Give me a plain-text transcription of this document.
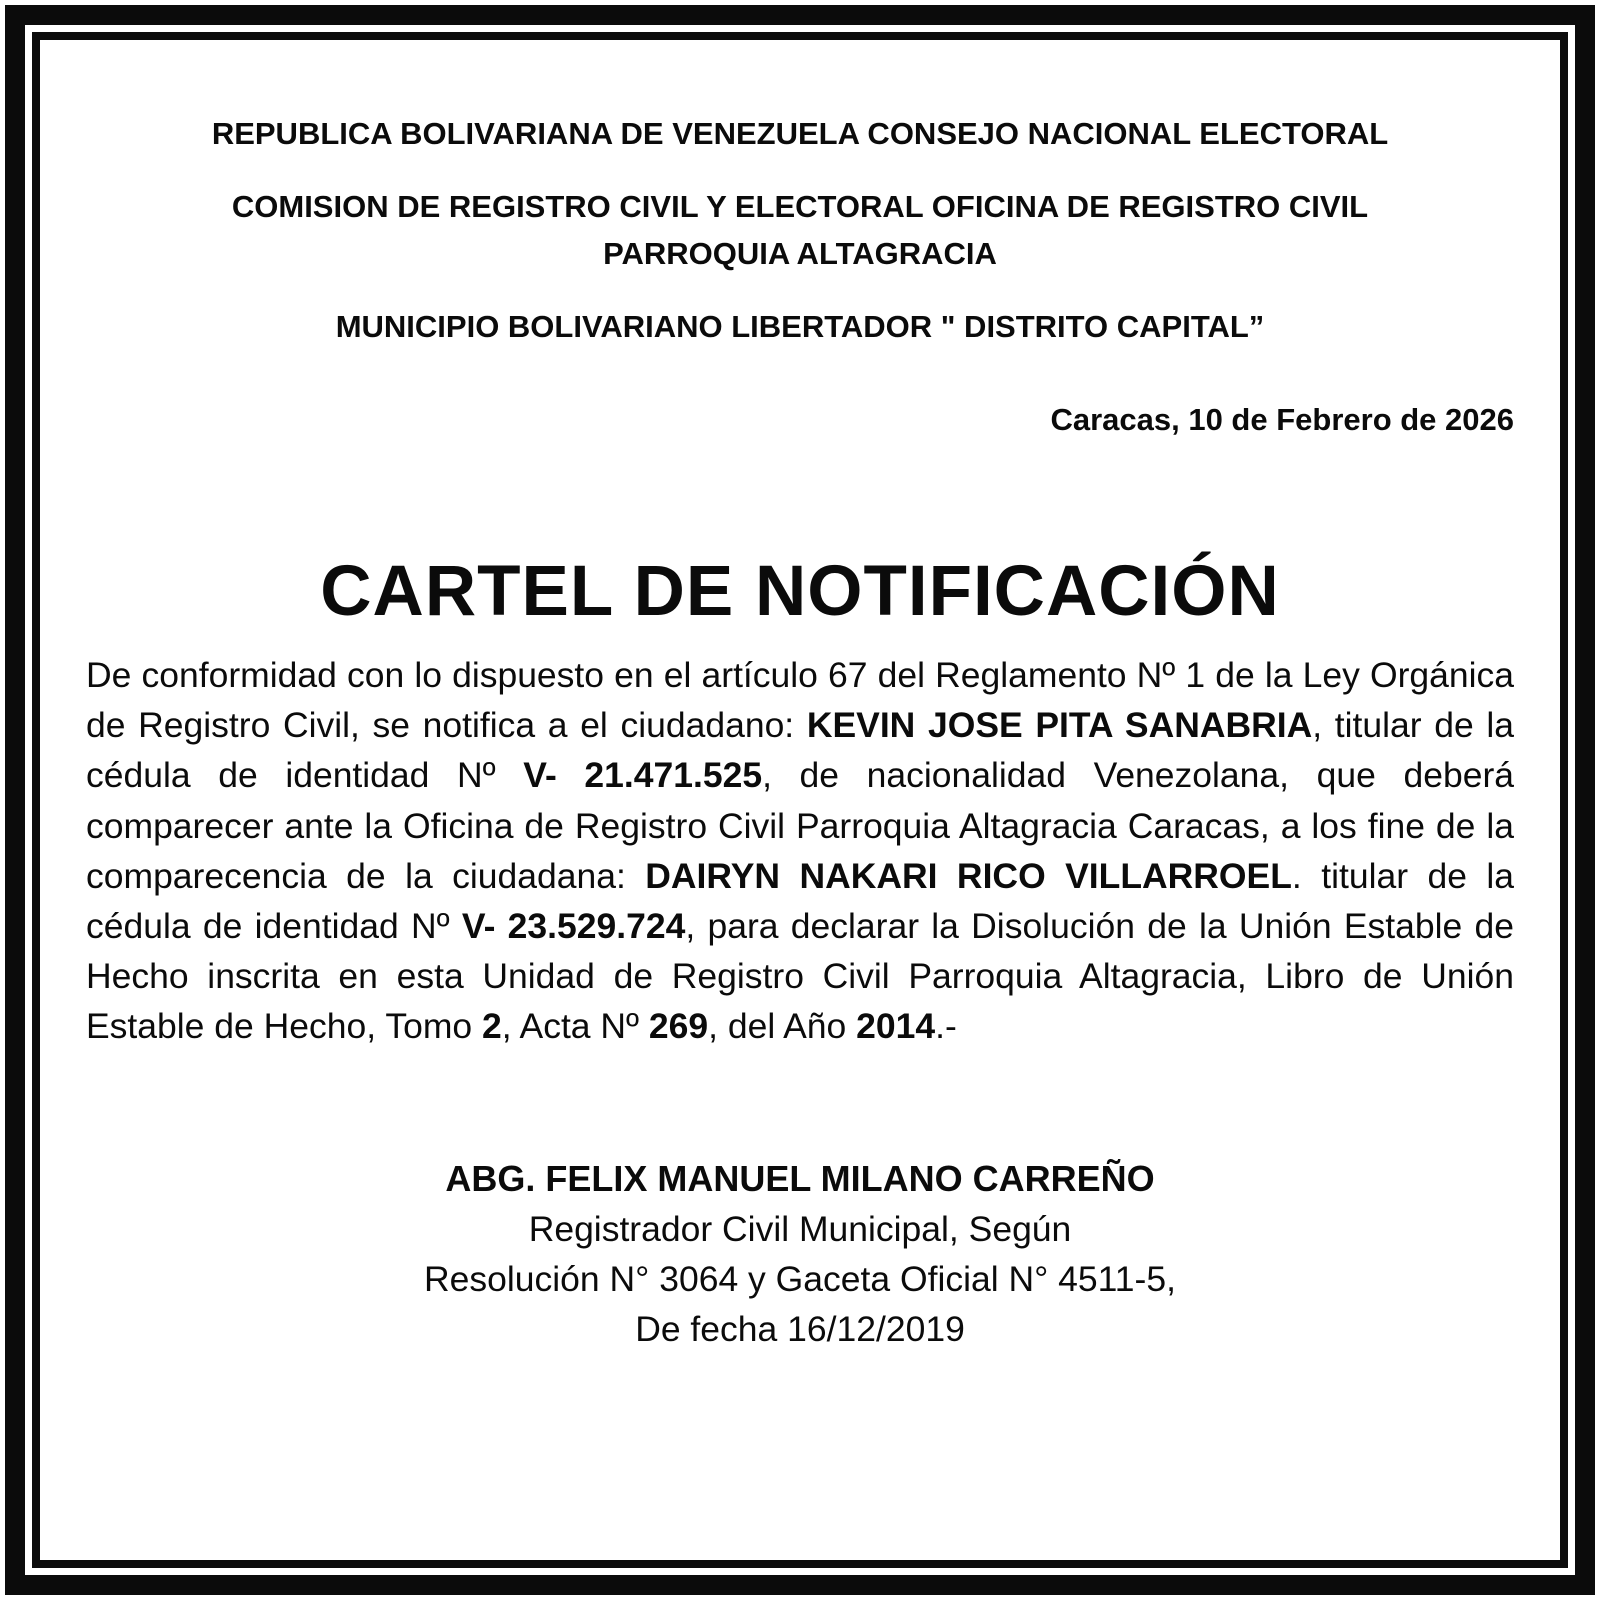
REPUBLICA BOLIVARIANA DE VENEZUELA CONSEJO NACIONAL ELECTORAL
COMISION DE REGISTRO CIVIL Y ELECTORAL OFICINA DE REGISTRO CIVIL
PARROQUIA ALTAGRACIA
MUNICIPIO BOLIVARIANO LIBERTADOR " DISTRITO CAPITAL”
Caracas, 10 de Febrero de 2026
CARTEL DE NOTIFICACIÓN
De conformidad con lo dispuesto en el artículo 67 del Reglamento Nº 1 de la Ley Orgánica de Registro Civil, se notifica a el ciudadano: KEVIN JOSE PITA SANABRIA, titular de la cédula de identidad Nº V- 21.471.525, de nacionalidad Venezolana, que deberá comparecer ante la Oficina de Registro Civil Parroquia Altagracia Caracas, a los fine de la comparecencia de la ciudadana: DAIRYN NAKARI RICO VILLARROEL. titular de la cédula de identidad Nº V- 23.529.724, para declarar la Disolución de la Unión Estable de Hecho inscrita en esta Unidad de Registro Civil Parroquia Altagracia, Libro de Unión Estable de Hecho, Tomo 2, Acta Nº 269, del Año 2014.-
ABG. FELIX MANUEL MILANO CARREÑO
Registrador Civil Municipal, Según
Resolución N° 3064 y Gaceta Oficial N° 4511-5,
De fecha 16/12/2019
